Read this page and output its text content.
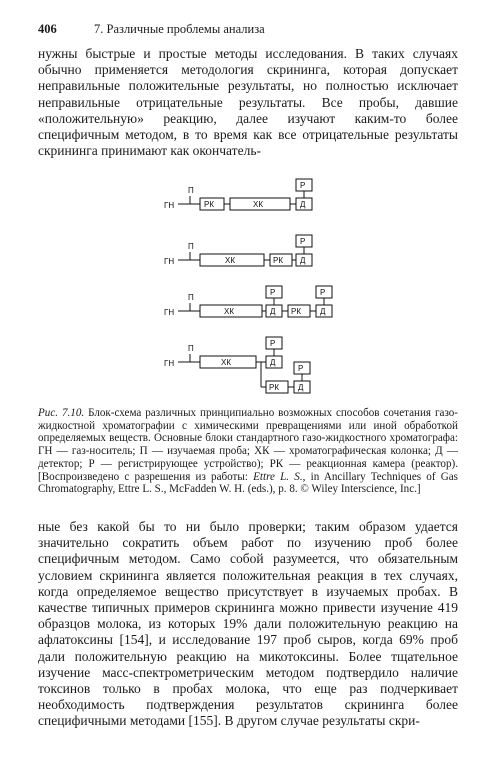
406	7. Различные проблемы анализа

нужны быстрые и простые методы исследования. В таких случаях обычно применяется методология скрининга, которая допускает неправильные положительные результаты, но полностью исключает неправильные отрицательные результаты. Все пробы, давшие «положительную» реакцию, далее изучают каким-то более специфичным методом, в то время как все отрицательные результаты скрининга принимают как окончатель-

ГН
П
РК	ХК	Д
Р
ГН
П
ХК	РК Д
Р
ГН
П
ХК	Д
Р
РК Д
Р
ГН
П
ХК	Д
Р
РК Д
Р

Рис. 7.10. Блок-схема различных принципиально возможных способов сочетания газо-жидкостной хроматографии с химическими превращениями или иной обработкой определяемых веществ. Основные блоки стандартного газо-жидкостного хроматографа: ГН — газ-носитель; П — изучаемая проба; ХК — хроматографическая колонка; Д — детектор; Р — регистрирующее устройство); РК — реакционная камера (реактор). [Воспроизведено с разрешения из работы: Ettre L. S., in Ancillary Techniques of Gas Chromatography, Ettre L. S., McFadden W. H. (eds.), p. 8. © Wiley Interscience, Inc.]

ные без какой бы то ни было проверки; таким образом удается значительно сократить объем работ по изучению проб более специфичным методом. Само собой разумеется, что обязательным условием скрининга является положительная реакция в тех случаях, когда определяемое вещество присутствует в изучаемых пробах. В качестве типичных примеров скрининга можно привести изучение 419 образцов молока, из которых 19% дали положительную реакцию на афлатоксины [154], и исследование 197 проб сыров, когда 69% проб дали положительную реакцию на микотоксины. Более тщательное изучение масс-спектрометрическим методом подтвердило наличие токсинов только в пробах молока, что еще раз подчеркивает необходимость подтверждения результатов скрининга более специфичными методами [155]. В другом случае результаты скри-
